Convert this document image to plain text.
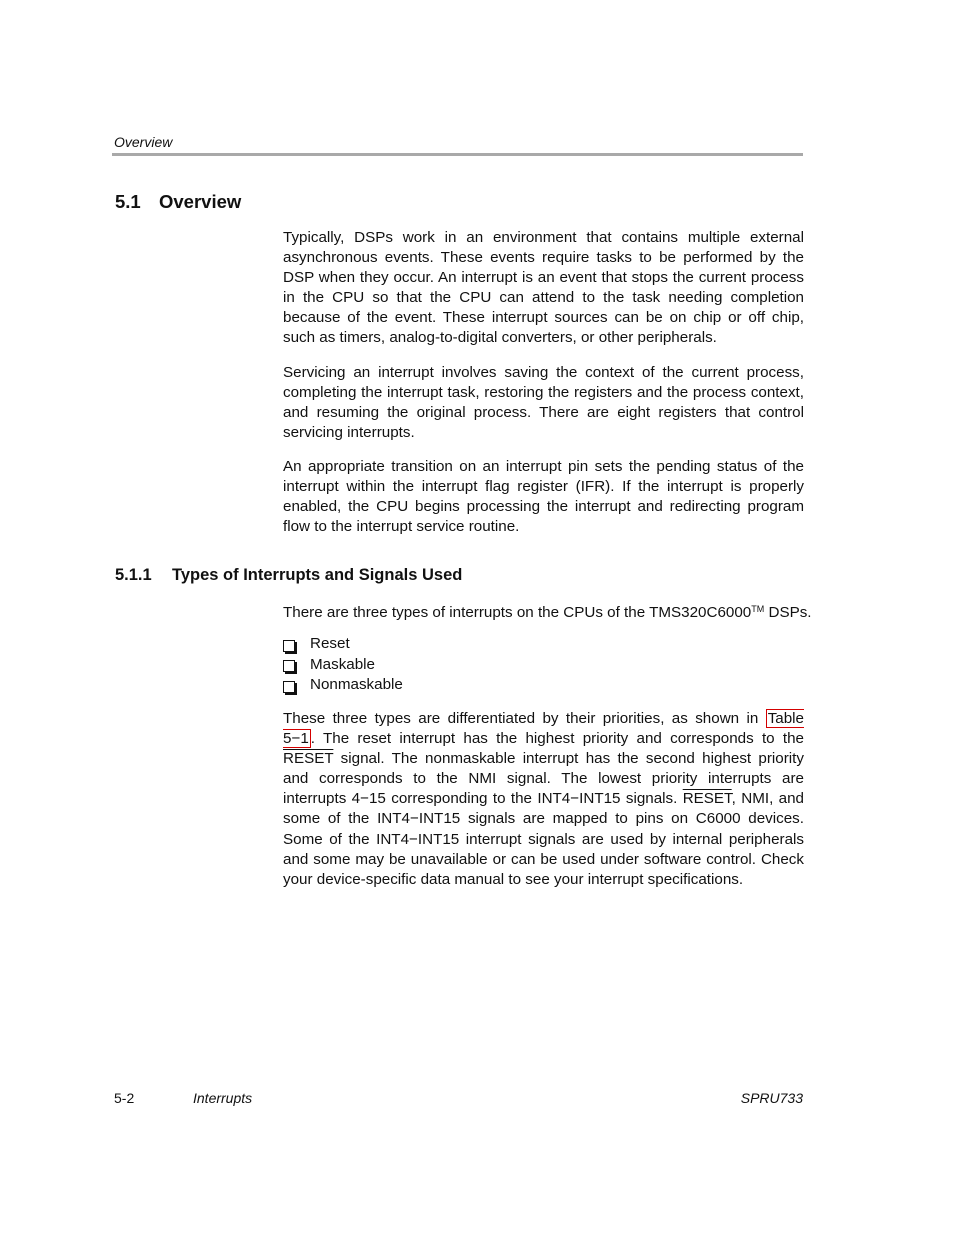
Overview
5.1 Overview

Typically, DSPs work in an environment that contains multiple external asynchronous events. These events require tasks to be performed by the DSP when they occur. An interrupt is an event that stops the current process in the CPU so that the CPU can attend to the task needing completion because of the event. These interrupt sources can be on chip or off chip, such as timers, analog-to-digital converters, or other peripherals.

Servicing an interrupt involves saving the context of the current process, completing the interrupt task, restoring the registers and the process context, and resuming the original process. There are eight registers that control servicing interrupts.

An appropriate transition on an interrupt pin sets the pending status of the interrupt within the interrupt flag register (IFR). If the interrupt is properly enabled, the CPU begins processing the interrupt and redirecting program flow to the interrupt service routine.

5.1.1 Types of Interrupts and Signals Used

There are three types of interrupts on the CPUs of the TMS320C6000™ DSPs.

Reset
Maskable
Nonmaskable

These three types are differentiated by their priorities, as shown in Table 5−1 . The reset interrupt has the highest priority and corresponds to the RESET signal. The nonmaskable interrupt has the second highest priority and corresponds to the NMI signal. The lowest priority interrupts are interrupts 4−15 corresponding to the INT4−INT15 signals. RESET, NMI, and some of the INT4−INT15 signals are mapped to pins on C6000 devices. Some of the INT4−INT15 interrupt signals are used by internal peripherals and some may be unavailable or can be used under software control. Check your device-specific data manual to see your interrupt specifications.

5-2	Interrupts	SPRU733
